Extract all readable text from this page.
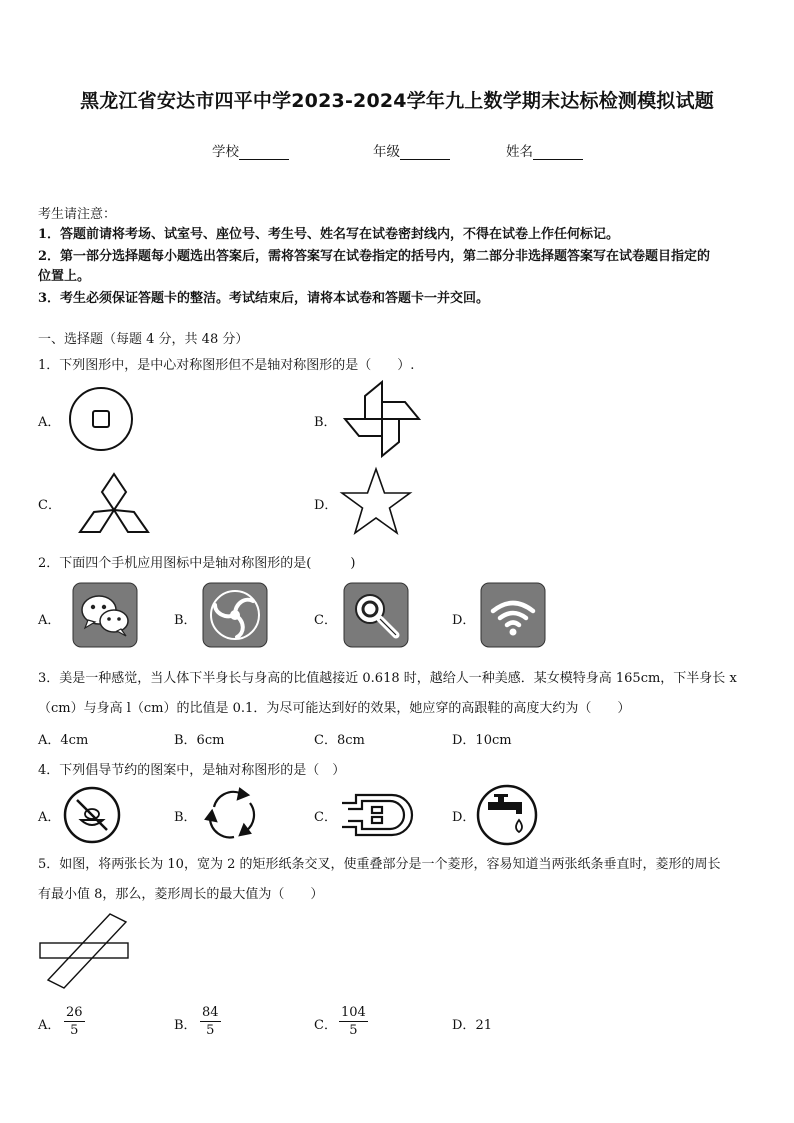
黑龙江省安达市四平中学2023-2024学年九上数学期末达标检测模拟试题
学校	年级	姓名
考生请注意：
1．答题前请将考场、试室号、座位号、考生号、姓名写在试卷密封线内，不得在试卷上作任何标记。
2．第一部分选择题每小题选出答案后，需将答案写在试卷指定的括号内，第二部分非选择题答案写在试卷题目指定的
位置上。
3．考生必须保证答题卡的整洁。考试结束后，请将本试卷和答题卡一并交回。
一、选择题（每题 4 分，共 48 分）
1．下列图形中，是中心对称图形但不是轴对称图形的是（　　）.
A．	B．
C．	D．
2．下面四个手机应用图标中是轴对称图形的是(　　　)
A．	B．	C．	D．
3．美是一种感觉，当人体下半身长与身高的比值越接近 0.618 时，越给人一种美感．某女模特身高 165cm，下半身长 x
（cm）与身高 l（cm）的比值是 0.1．为尽可能达到好的效果，她应穿的高跟鞋的高度大约为（　　）
A．4cm	B．6cm	C．8cm	D．10cm
4．下列倡导节约的图案中，是轴对称图形的是（　）
A．	B．	C．	D．
5．如图，将两张长为 10，宽为 2 的矩形纸条交叉，使重叠部分是一个菱形，容易知道当两张纸条垂直时，菱形的周长
有最小值 8，那么，菱形周长的最大值为（　　）
A． $\frac{26}{5}$	B． $\frac{84}{5}$	C． $\frac{104}{5}$	D．21
